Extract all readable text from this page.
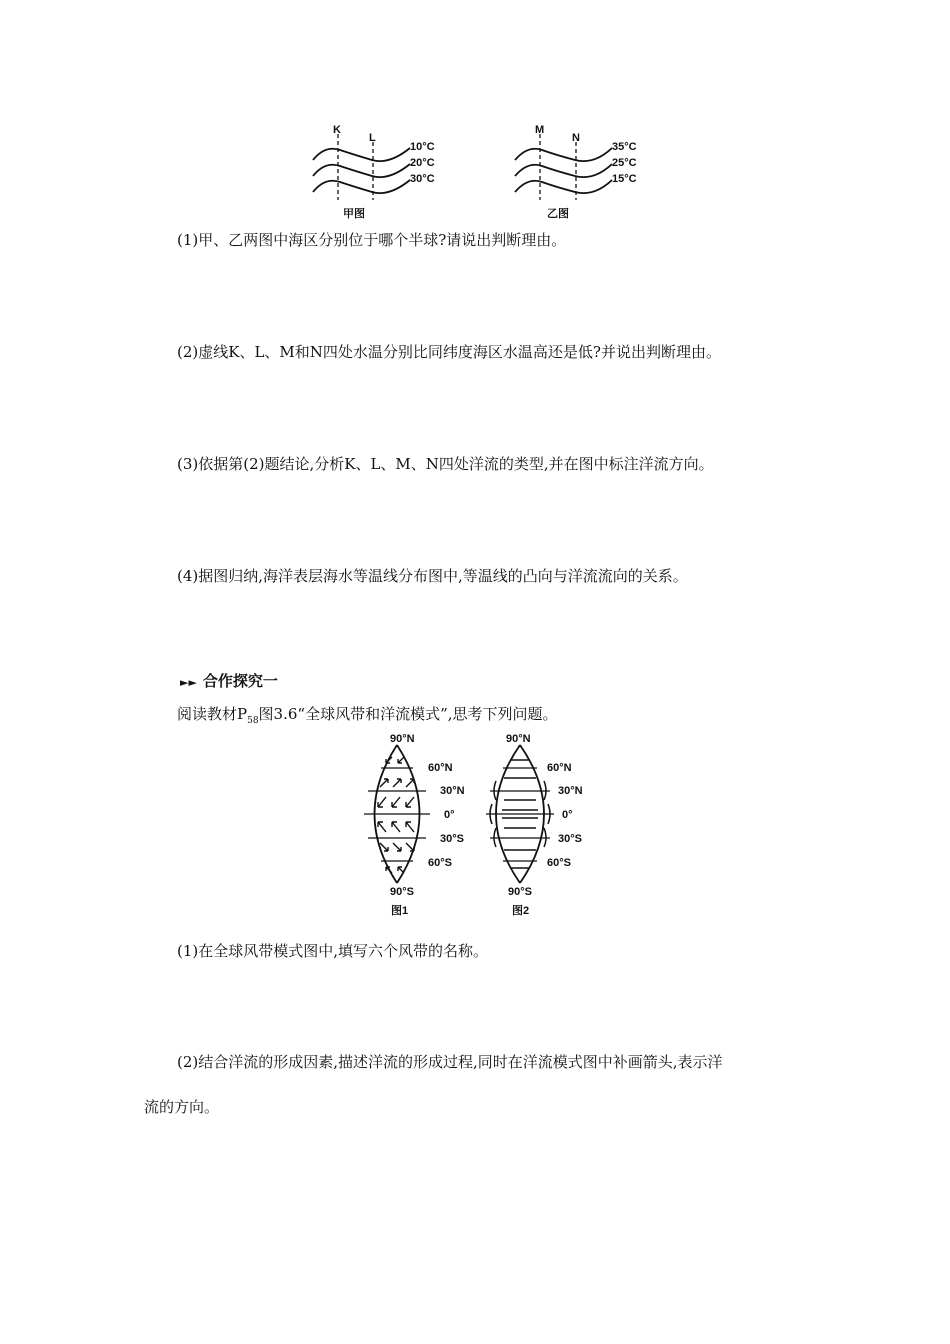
K
L
10°C
20°C
30°C
甲图
M
N
35°C
25°C
15°C
乙图
(1)甲、乙两图中海区分别位于哪个半球?请说出判断理由。
(2)虚线K、L、M和N四处水温分别比同纬度海区水温高还是低?并说出判断理由。
(3)依据第(2)题结论,分析K、L、M、N四处洋流的类型,并在图中标注洋流方向。
(4)据图归纳,海洋表层海水等温线分布图中,等温线的凸向与洋流流向的关系。
►► 合作探究一
阅读教材$P_{58}$图3.6“全球风带和洋流模式”,思考下列问题。
90°N	90°N
60°N
30°N
0°
30°S
60°S
60°N
30°N
0°
30°S
60°S
90°S	90°S
图1	图2
(1)在全球风带模式图中,填写六个风带的名称。
(2)结合洋流的形成因素,描述洋流的形成过程,同时在洋流模式图中补画箭头,表示洋
流的方向。
